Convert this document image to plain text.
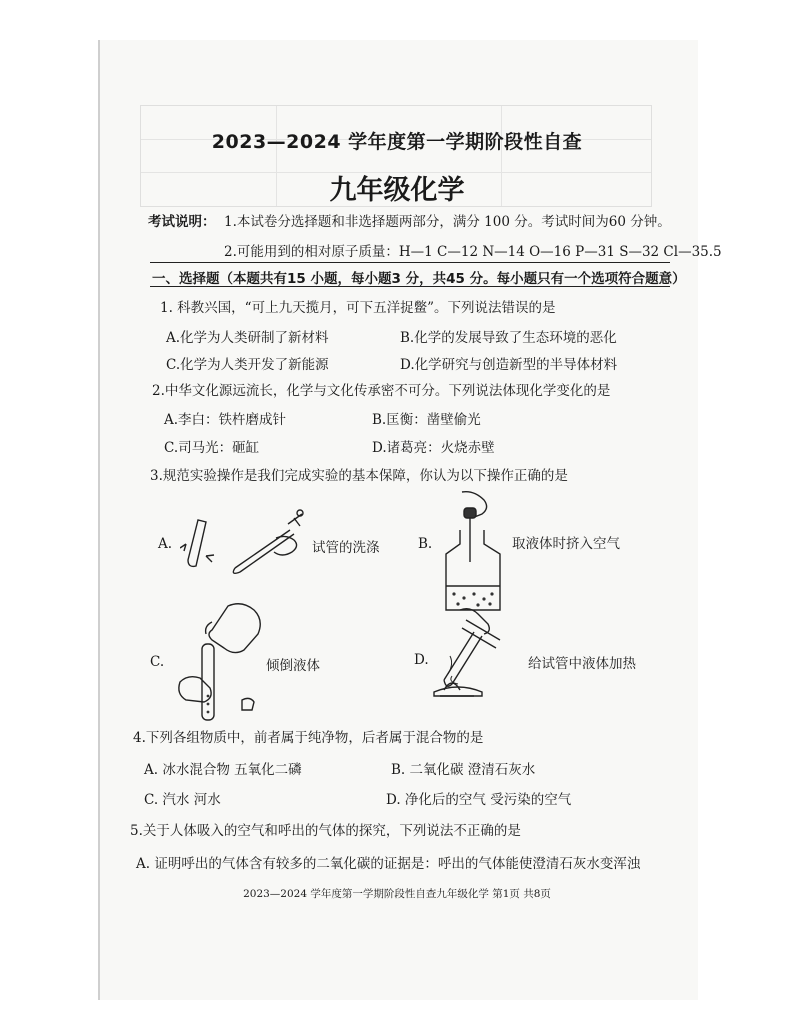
2023—2024 学年度第一学期阶段性自查
九年级化学
考试说明： 1.本试卷分选择题和非选择题两部分，满分 100 分。考试时间为60 分钟。
2.可能用到的相对原子质量：H—1 C—12 N—14 O—16 P—31 S—32 Cl—35.5
一、选择题（本题共有15 小题，每小题3 分，共45 分。每小题只有一个选项符合题意）
1. 科教兴国，“可上九天揽月，可下五洋捉鳖”。下列说法错误的是
A.化学为人类研制了新材料	B.化学的发展导致了生态环境的恶化
C.化学为人类开发了新能源	D.化学研究与创造新型的半导体材料
2.中华文化源远流长，化学与文化传承密不可分。下列说法体现化学变化的是
A.李白：铁杵磨成针	B.匡衡：凿壁偷光
C.司马光：砸缸	D.诸葛亮：火烧赤壁
3.规范实验操作是我们完成实验的基本保障，你认为以下操作正确的是
A.	试管的洗涤	B.	取液体时挤入空气
C.	倾倒液体	D.	给试管中液体加热
4.下列各组物质中，前者属于纯净物，后者属于混合物的是
A. 冰水混合物 五氧化二磷	B. 二氧化碳 澄清石灰水
C. 汽水 河水	D. 净化后的空气 受污染的空气
5.关于人体吸入的空气和呼出的气体的探究，下列说法不正确的是
A. 证明呼出的气体含有较多的二氧化碳的证据是：呼出的气体能使澄清石灰水变浑浊
2023—2024 学年度第一学期阶段性自查九年级化学 第1页 共8页
